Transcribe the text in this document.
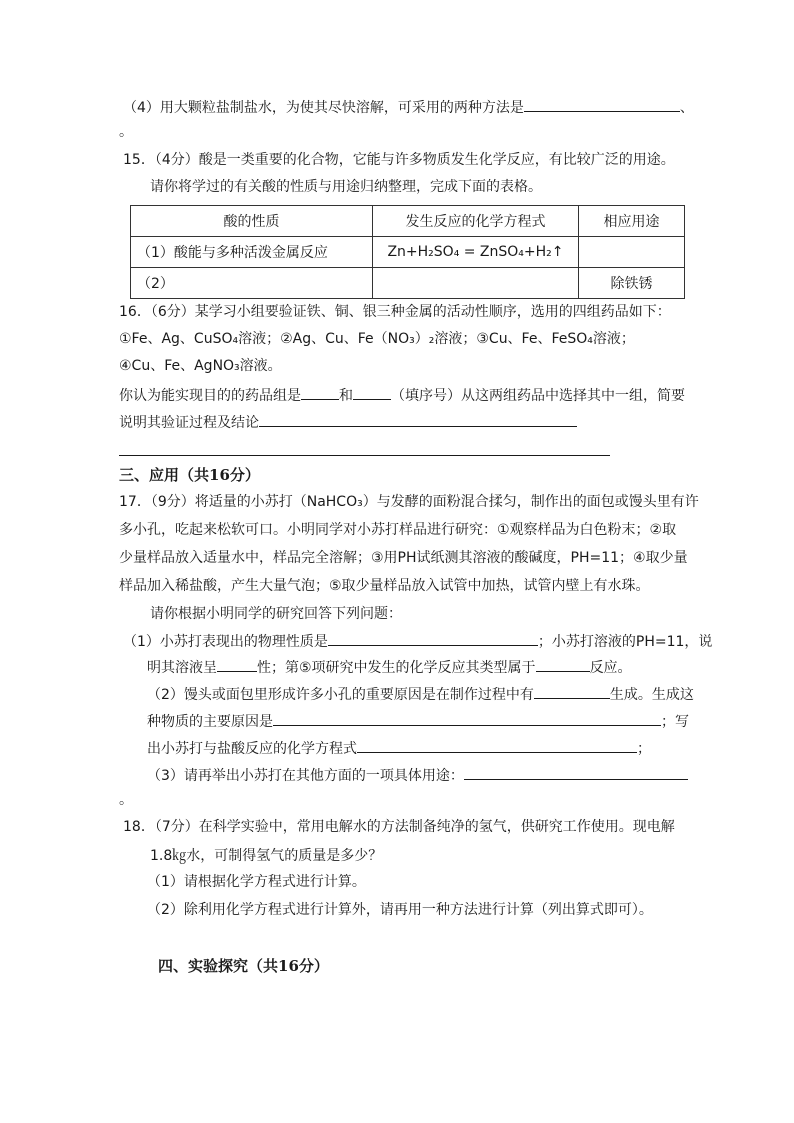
（4）用大颗粒盐制盐水，为使其尽快溶解，可采用的两种方法是	、
。
15．（4分）酸是一类重要的化合物，它能与许多物质发生化学反应，有比较广泛的用途。
请你将学过的有关酸的性质与用途归纳整理，完成下面的表格。
酸的性质	发生反应的化学方程式	相应用途
（1）酸能与多种活泼金属反应	Zn+H₂SO₄ = ZnSO₄+H₂↑	
（2）		除铁锈
16．（6分）某学习小组要验证铁、铜、银三种金属的活动性顺序，选用的四组药品如下：
①Fe、Ag、CuSO₄溶液；②Ag、Cu、Fe（NO₃）₂溶液；③Cu、Fe、FeSO₄溶液；
④Cu、Fe、AgNO₃溶液。
你认为能实现目的的药品组是	和	（填序号）从这两组药品中选择其中一组，简要
说明其验证过程及结论
三、应用（共16分）
17．（9分）将适量的小苏打（NaHCO₃）与发酵的面粉混合揉匀，制作出的面包或馒头里有许
多小孔，吃起来松软可口。小明同学对小苏打样品进行研究：①观察样品为白色粉末；②取
少量样品放入适量水中，样品完全溶解；③用PH试纸测其溶液的酸碱度，PH=11；④取少量
样品加入稀盐酸，产生大量气泡；⑤取少量样品放入试管中加热，试管内壁上有水珠。
请你根据小明同学的研究回答下列问题：
（1）小苏打表现出的物理性质是	；小苏打溶液的PH=11，说
明其溶液呈	性；第⑤项研究中发生的化学反应其类型属于	反应。
（2）馒头或面包里形成许多小孔的重要原因是在制作过程中有	生成。生成这
种物质的主要原因是	；写
出小苏打与盐酸反应的化学方程式	；
（3）请再举出小苏打在其他方面的一项具体用途：
。
18．（7分）在科学实验中，常用电解水的方法制备纯净的氢气，供研究工作使用。现电解
1.8㎏水，可制得氢气的质量是多少？
（1）请根据化学方程式进行计算。
（2）除利用化学方程式进行计算外，请再用一种方法进行计算（列出算式即可）。
四、实验探究（共16分）
